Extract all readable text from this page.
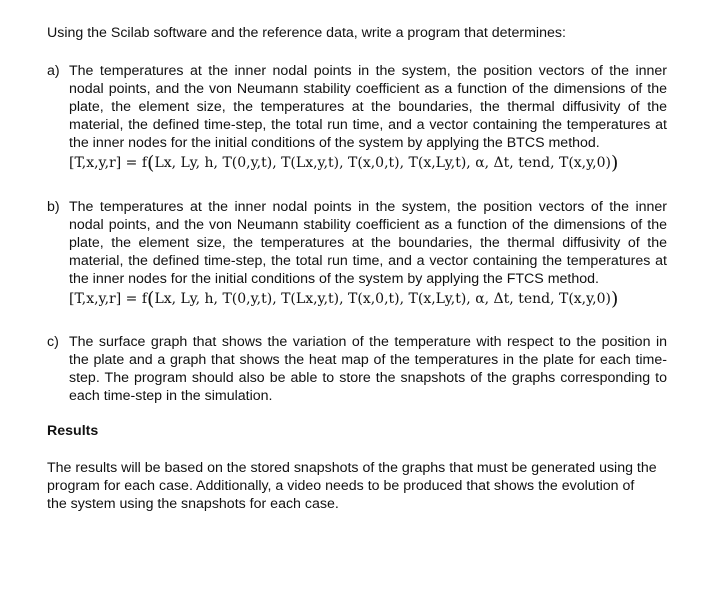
Using the Scilab software and the reference data, write a program that determines:
a) The temperatures at the inner nodal points in the system, the position vectors of the inner nodal points, and the von Neumann stability coefficient as a function of the dimensions of the plate, the element size, the temperatures at the boundaries, the thermal diffusivity of the material, the defined time-step, the total run time, and a vector containing the temperatures at the inner nodes for the initial conditions of the system by applying the BTCS method.
[T,x,y,r] = f(Lx, Ly, h, T(0,y,t), T(Lx,y,t), T(x,0,t), T(x,Ly,t), α, Δt, tend, T(x,y,0))
b) The temperatures at the inner nodal points in the system, the position vectors of the inner nodal points, and the von Neumann stability coefficient as a function of the dimensions of the plate, the element size, the temperatures at the boundaries, the thermal diffusivity of the material, the defined time-step, the total run time, and a vector containing the temperatures at the inner nodes for the initial conditions of the system by applying the FTCS method.
[T,x,y,r] = f(Lx, Ly, h, T(0,y,t), T(Lx,y,t), T(x,0,t), T(x,Ly,t), α, Δt, tend, T(x,y,0))
c) The surface graph that shows the variation of the temperature with respect to the position in the plate and a graph that shows the heat map of the temperatures in the plate for each time-step. The program should also be able to store the snapshots of the graphs corresponding to each time-step in the simulation.
Results
The results will be based on the stored snapshots of the graphs that must be generated using the program for each case. Additionally, a video needs to be produced that shows the evolution of the system using the snapshots for each case.
